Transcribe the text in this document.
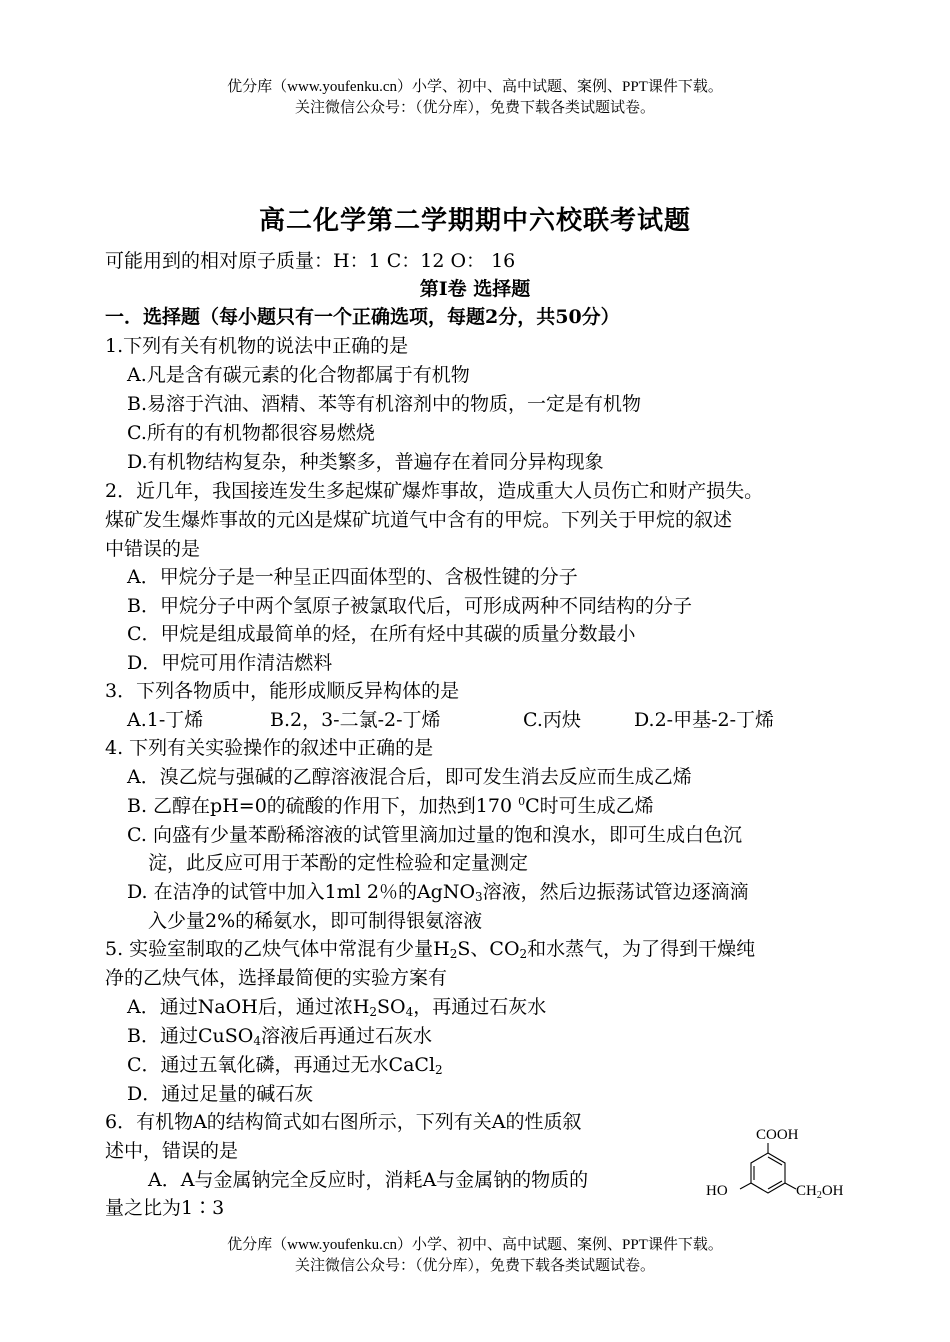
优分库（www.youfenku.cn）小学、初中、高中试题、案例、PPT课件下载。
关注微信公众号：（优分库），免费下载各类试题试卷。
高二化学第二学期期中六校联考试题
可能用到的相对原子质量：H：1 C：12 O： 16
第Ⅰ卷 选择题
一．选择题（每小题只有一个正确选项，每题2分，共50分）
1.下列有关有机物的说法中正确的是
A.凡是含有碳元素的化合物都属于有机物
B.易溶于汽油、酒精、苯等有机溶剂中的物质，一定是有机物
C.所有的有机物都很容易燃烧
D.有机物结构复杂，种类繁多，普遍存在着同分异构现象
2．近几年，我国接连发生多起煤矿爆炸事故，造成重大人员伤亡和财产损失。
煤矿发生爆炸事故的元凶是煤矿坑道气中含有的甲烷。下列关于甲烷的叙述
中错误的是
A．甲烷分子是一种呈正四面体型的、含极性键的分子
B．甲烷分子中两个氢原子被氯取代后，可形成两种不同结构的分子
C．甲烷是组成最简单的烃，在所有烃中其碳的质量分数最小
D．甲烷可用作清洁燃料
3．下列各物质中，能形成顺反异构体的是
A.1-丁烯	B.2，3-二氯-2-丁烯	C.丙炔	D.2-甲基-2-丁烯
4. 下列有关实验操作的叙述中正确的是
A．溴乙烷与强碱的乙醇溶液混合后，即可发生消去反应而生成乙烯
B. 乙醇在pH=0的硫酸的作用下，加热到170 $^0$C时可生成乙烯
C. 向盛有少量苯酚稀溶液的试管里滴加过量的饱和溴水，即可生成白色沉
淀，此反应可用于苯酚的定性检验和定量测定
D. 在洁净的试管中加入1ml 2％的AgNO$_3$溶液，然后边振荡试管边逐滴滴
入少量2%的稀氨水，即可制得银氨溶液
5. 实验室制取的乙炔气体中常混有少量$H_2S$、$CO_2$和水蒸气，为了得到干燥纯
净的乙炔气体，选择最简便的实验方案有
A．通过NaOH后，通过浓$H_2SO_4$，再通过石灰水
B．通过CuSO$_4$溶液后再通过石灰水
C．通过五氧化磷，再通过无水CaCl$_2$
D．通过足量的碱石灰
6．有机物A的结构简式如右图所示，下列有关A的性质叙
述中，错误的是
A．A与金属钠完全反应时，消耗A与金属钠的物质的
量之比为1∶3
COOH
HO	$CH_2OH$
优分库（www.youfenku.cn）小学、初中、高中试题、案例、PPT课件下载。
关注微信公众号：（优分库），免费下载各类试题试卷。
